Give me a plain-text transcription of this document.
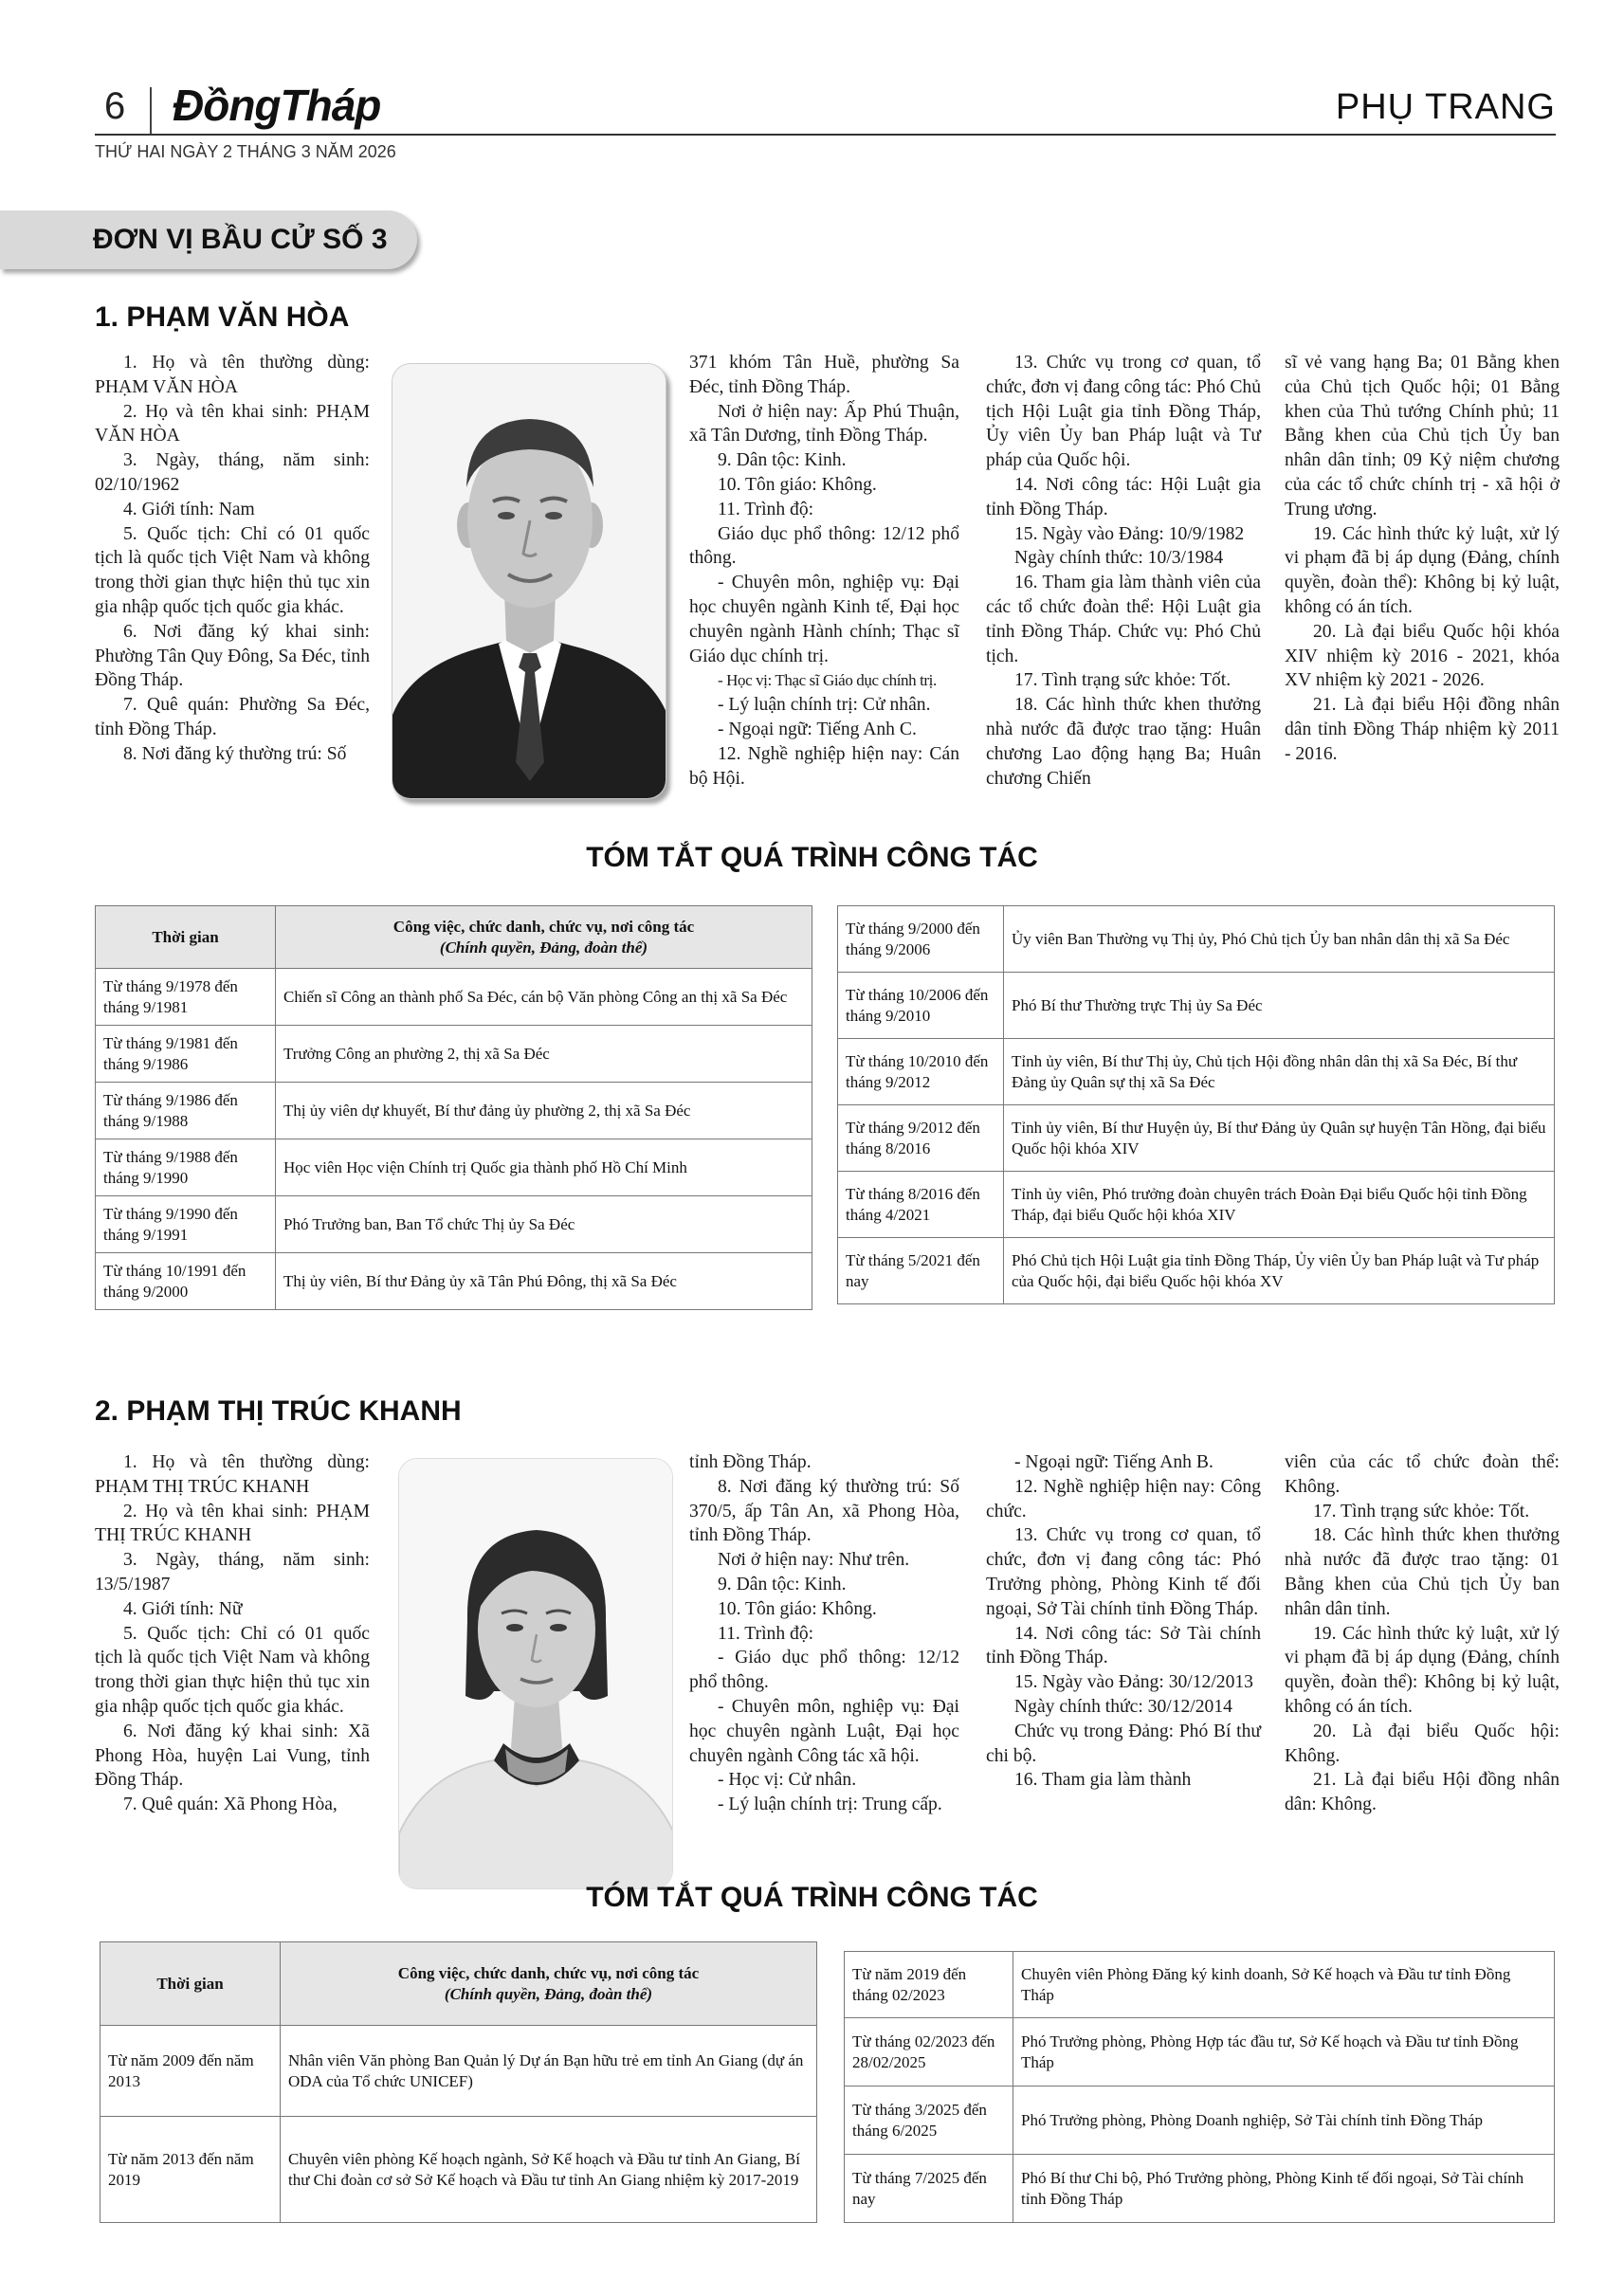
6 ĐồngTháp	PHỤ TRANG
THỨ HAI NGÀY 2 THÁNG 3 NĂM 2026
ĐƠN VỊ BẦU CỬ SỐ 3
1. PHẠM VĂN HÒA

1. Họ và tên thường dùng: PHẠM VĂN HÒA

2. Họ và tên khai sinh: PHẠM VĂN HÒA

3. Ngày, tháng, năm sinh: 02/10/1962

4. Giới tính: Nam

5. Quốc tịch: Chỉ có 01 quốc tịch là quốc tịch Việt Nam và không trong thời gian thực hiện thủ tục xin gia nhập quốc tịch quốc gia khác.

6. Nơi đăng ký khai sinh: Phường Tân Quy Đông, Sa Đéc, tỉnh Đồng Tháp.

7. Quê quán: Phường Sa Đéc, tỉnh Đồng Tháp.

8. Nơi đăng ký thường trú: Số

371 khóm Tân Huề, phường Sa Đéc, tỉnh Đồng Tháp.

Nơi ở hiện nay: Ấp Phú Thuận, xã Tân Dương, tỉnh Đồng Tháp.

9. Dân tộc: Kinh.

10. Tôn giáo: Không.

11. Trình độ:

Giáo dục phổ thông: 12/12 phổ thông.

- Chuyên môn, nghiệp vụ: Đại học chuyên ngành Kinh tế, Đại học chuyên ngành Hành chính; Thạc sĩ Giáo dục chính trị.

- Học vị: Thạc sĩ Giáo dục chính trị.

- Lý luận chính trị: Cử nhân.

- Ngoại ngữ: Tiếng Anh C.

12. Nghề nghiệp hiện nay: Cán bộ Hội.

13. Chức vụ trong cơ quan, tổ chức, đơn vị đang công tác: Phó Chủ tịch Hội Luật gia tỉnh Đồng Tháp, Ủy viên Ủy ban Pháp luật và Tư pháp của Quốc hội.

14. Nơi công tác: Hội Luật gia tỉnh Đồng Tháp.

15. Ngày vào Đảng: 10/9/1982

Ngày chính thức: 10/3/1984

16. Tham gia làm thành viên của các tổ chức đoàn thể: Hội Luật gia tỉnh Đồng Tháp. Chức vụ: Phó Chủ tịch.

17. Tình trạng sức khỏe: Tốt.

18. Các hình thức khen thưởng nhà nước đã được trao tặng: Huân chương Lao động hạng Ba; Huân chương Chiến

sĩ vẻ vang hạng Ba; 01 Bằng khen của Chủ tịch Quốc hội; 01 Bằng khen của Thủ tướng Chính phủ; 11 Bằng khen của Chủ tịch Ủy ban nhân dân tỉnh; 09 Kỷ niệm chương của các tổ chức chính trị - xã hội ở Trung ương.

19. Các hình thức kỷ luật, xử lý vi phạm đã bị áp dụng (Đảng, chính quyền, đoàn thể): Không bị kỷ luật, không có án tích.

20. Là đại biểu Quốc hội khóa XIV nhiệm kỳ 2016 - 2021, khóa XV nhiệm kỳ 2021 - 2026.

21. Là đại biểu Hội đồng nhân dân tỉnh Đồng Tháp nhiệm kỳ 2011 - 2016.

TÓM TẮT QUÁ TRÌNH CÔNG TÁC
Thời gian	Công việc, chức danh, chức vụ, nơi công tác
(Chính quyền, Đảng, đoàn thể)

Từ tháng 9/1978 đến tháng 9/1981	Chiến sĩ Công an thành phố Sa Đéc, cán bộ Văn phòng Công an thị xã Sa Đéc
Từ tháng 9/1981 đến tháng 9/1986	Trưởng Công an phường 2, thị xã Sa Đéc
Từ tháng 9/1986 đến tháng 9/1988	Thị ủy viên dự khuyết, Bí thư đảng ủy phường 2, thị xã Sa Đéc
Từ tháng 9/1988 đến tháng 9/1990	Học viên Học viện Chính trị Quốc gia thành phố Hồ Chí Minh
Từ tháng 9/1990 đến tháng 9/1991	Phó Trưởng ban, Ban Tổ chức Thị ủy Sa Đéc
Từ tháng 10/1991 đến tháng 9/2000	Thị ủy viên, Bí thư Đảng ủy xã Tân Phú Đông, thị xã Sa Đéc
Từ tháng 9/2000 đến tháng 9/2006	Ủy viên Ban Thường vụ Thị ủy, Phó Chủ tịch Ủy ban nhân dân thị xã Sa Đéc
Từ tháng 10/2006 đến tháng 9/2010	Phó Bí thư Thường trực Thị ủy Sa Đéc
Từ tháng 10/2010 đến tháng 9/2012	Tỉnh ủy viên, Bí thư Thị ủy, Chủ tịch Hội đồng nhân dân thị xã Sa Đéc, Bí thư Đảng ủy Quân sự thị xã Sa Đéc
Từ tháng 9/2012 đến tháng 8/2016	Tỉnh ủy viên, Bí thư Huyện ủy, Bí thư Đảng ủy Quân sự huyện Tân Hồng, đại biểu Quốc hội khóa XIV
Từ tháng 8/2016 đến tháng 4/2021	Tỉnh ủy viên, Phó trưởng đoàn chuyên trách Đoàn Đại biểu Quốc hội tỉnh Đồng Tháp, đại biểu Quốc hội khóa XIV
Từ tháng 5/2021 đến nay	Phó Chủ tịch Hội Luật gia tỉnh Đồng Tháp, Ủy viên Ủy ban Pháp luật và Tư pháp của Quốc hội, đại biểu Quốc hội khóa XV
2. PHẠM THỊ TRÚC KHANH

1. Họ và tên thường dùng: PHẠM THỊ TRÚC KHANH

2. Họ và tên khai sinh: PHẠM THỊ TRÚC KHANH

3. Ngày, tháng, năm sinh: 13/5/1987

4. Giới tính: Nữ

5. Quốc tịch: Chỉ có 01 quốc tịch là quốc tịch Việt Nam và không trong thời gian thực hiện thủ tục xin gia nhập quốc tịch quốc gia khác.

6. Nơi đăng ký khai sinh: Xã Phong Hòa, huyện Lai Vung, tỉnh Đồng Tháp.

7. Quê quán: Xã Phong Hòa,

tỉnh Đồng Tháp.

8. Nơi đăng ký thường trú: Số 370/5, ấp Tân An, xã Phong Hòa, tỉnh Đồng Tháp.

Nơi ở hiện nay: Như trên.

9. Dân tộc: Kinh.

10. Tôn giáo: Không.

11. Trình độ:

- Giáo dục phổ thông: 12/12 phổ thông.

- Chuyên môn, nghiệp vụ: Đại học chuyên ngành Luật, Đại học chuyên ngành Công tác xã hội.

- Học vị: Cử nhân.

- Lý luận chính trị: Trung cấp.

- Ngoại ngữ: Tiếng Anh B.

12. Nghề nghiệp hiện nay: Công chức.

13. Chức vụ trong cơ quan, tổ chức, đơn vị đang công tác: Phó Trưởng phòng, Phòng Kinh tế đối ngoại, Sở Tài chính tỉnh Đồng Tháp.

14. Nơi công tác: Sở Tài chính tỉnh Đồng Tháp.

15. Ngày vào Đảng: 30/12/2013

Ngày chính thức: 30/12/2014

Chức vụ trong Đảng: Phó Bí thư chi bộ.

16. Tham gia làm thành

viên của các tổ chức đoàn thể: Không.

17. Tình trạng sức khỏe: Tốt.

18. Các hình thức khen thưởng nhà nước đã được trao tặng: 01 Bằng khen của Chủ tịch Ủy ban nhân dân tỉnh.

19. Các hình thức kỷ luật, xử lý vi phạm đã bị áp dụng (Đảng, chính quyền, đoàn thể): Không bị kỷ luật, không có án tích.

20. Là đại biểu Quốc hội: Không.

21. Là đại biểu Hội đồng nhân dân: Không.

TÓM TẮT QUÁ TRÌNH CÔNG TÁC
Thời gian	Công việc, chức danh, chức vụ, nơi công tác
(Chính quyền, Đảng, đoàn thể)

Từ năm 2009 đến năm 2013	Nhân viên Văn phòng Ban Quản lý Dự án Bạn hữu trẻ em tỉnh An Giang (dự án ODA của Tổ chức UNICEF)
Từ năm 2013 đến năm 2019	Chuyên viên phòng Kế hoạch ngành, Sở Kế hoạch và Đầu tư tỉnh An Giang, Bí thư Chi đoàn cơ sở Sở Kế hoạch và Đầu tư tỉnh An Giang nhiệm kỳ 2017-2019
Từ năm 2019 đến tháng 02/2023	Chuyên viên Phòng Đăng ký kinh doanh, Sở Kế hoạch và Đầu tư tỉnh Đồng Tháp
Từ tháng 02/2023 đến 28/02/2025	Phó Trưởng phòng, Phòng Hợp tác đầu tư, Sở Kế hoạch và Đầu tư tỉnh Đồng Tháp
Từ tháng 3/2025 đến tháng 6/2025	Phó Trưởng phòng, Phòng Doanh nghiệp, Sở Tài chính tỉnh Đồng Tháp
Từ tháng 7/2025 đến nay	Phó Bí thư Chi bộ, Phó Trưởng phòng, Phòng Kinh tế đối ngoại, Sở Tài chính tỉnh Đồng Tháp
